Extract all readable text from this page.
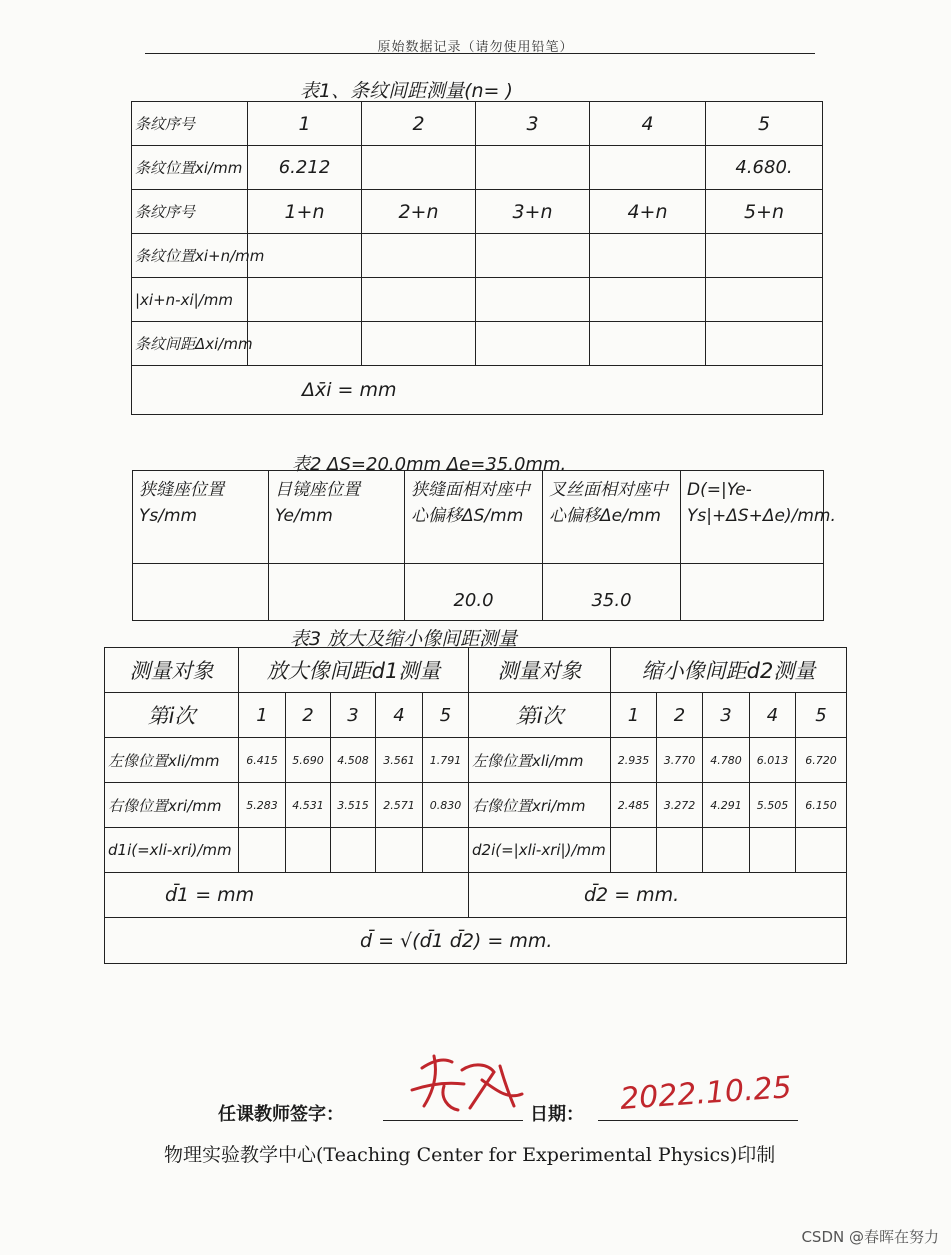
原始数据记录（请勿使用铅笔）
表1、条纹间距测量(n= )
条纹序号	1	2	3	4	5
条纹位置xi/mm	6.212				4.680.
条纹序号	1+n	2+n	3+n	4+n	5+n
条纹位置xi+n/mm					
|xi+n-xi|/mm					
条纹间距Δxi/mm					
Δx̄i = mm					
表2 ΔS=20.0mm Δe=35.0mm.
狭缝座位置Ys/mm	目镜座位置Ye/mm	狭缝面相对座中心偏移ΔS/mm	叉丝面相对座中心偏移Δe/mm	D(=|Ye-Ys|+ΔS+Δe)/mm.
		20.0	35.0	
表3 放大及缩小像间距测量
测量对象	放大像间距d1测量					测量对象	缩小像间距d2测量				
第i次	1	2	3	4	5	第i次	1	2	3	4	5
左像位置xli/mm	6.415	5.690	4.508	3.561	1.791	左像位置xli/mm	2.935	3.770	4.780	6.013	6.720
右像位置xri/mm	5.283	4.531	3.515	2.571	0.830	右像位置xri/mm	2.485	3.272	4.291	5.505	6.150
d1i(=xli-xri)/mm						d2i(=|xli-xri|)/mm					
d̄1 = mm						d̄2 = mm.					
d̄ = √(d̄1 d̄2) = mm.											
任课教师签字：	日期： 2022.10.25
物理实验教学中心(Teaching Center for Experimental Physics)印制
CSDN @春晖在努力
